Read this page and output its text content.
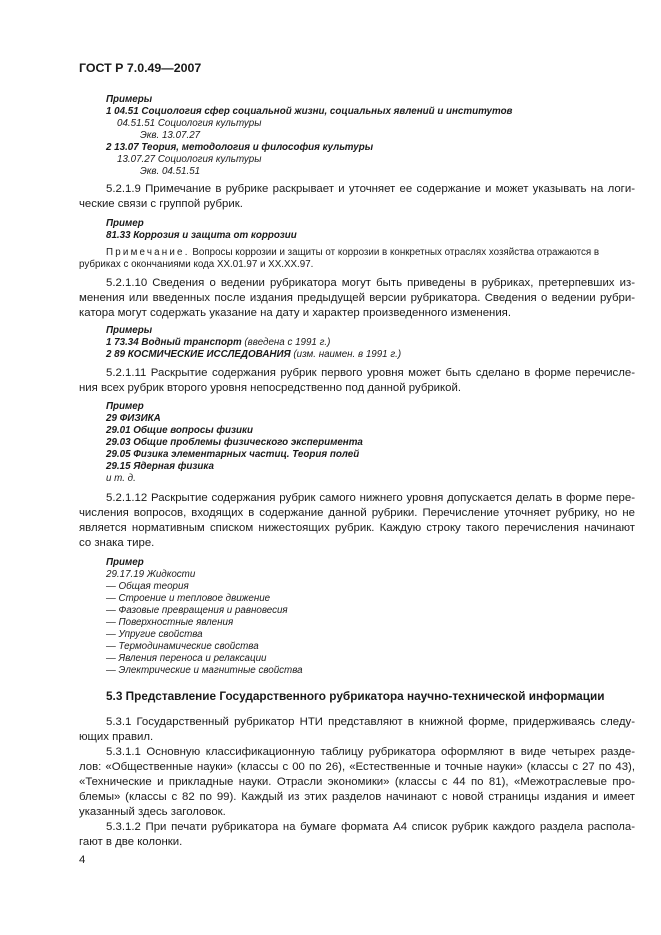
ГОСТ Р 7.0.49—2007
Примеры
1 04.51 Социология сфер социальной жизни, социальных явлений и институтов
04.51.51 Социология культуры
Экв. 13.07.27
2 13.07 Теория, методология и философия культуры
13.07.27 Социология культуры
Экв. 04.51.51
5.2.1.9 Примечание в рубрике раскрывает и уточняет ее содержание и может указывать на логи-
ческие связи с группой рубрик.
Пример
81.33 Коррозия и защита от коррозии
Примечание. Вопросы коррозии и защиты от коррозии в конкретных отраслях хозяйства отражаются в
рубриках с окончаниями кода XX.01.97 и XX.XX.97.
5.2.1.10 Сведения о ведении рубрикатора могут быть приведены в рубриках, претерпевших из-
менения или введенных после издания предыдущей версии рубрикатора. Сведения о ведении рубри-
катора могут содержать указание на дату и характер произведенного изменения.
Примеры
1 73.34 Водный транспорт (введена с 1991 г.)
2 89 КОСМИЧЕСКИЕ ИССЛЕДОВАНИЯ (изм. наимен. в 1991 г.)
5.2.1.11 Раскрытие содержания рубрик первого уровня может быть сделано в форме перечисле-
ния всех рубрик второго уровня непосредственно под данной рубрикой.
Пример
29 ФИЗИКА
29.01 Общие вопросы физики
29.03 Общие проблемы физического эксперимента
29.05 Физика элементарных частиц. Теория полей
29.15 Ядерная физика
и т. д.
5.2.1.12 Раскрытие содержания рубрик самого нижнего уровня допускается делать в форме пере-
числения вопросов, входящих в содержание данной рубрики. Перечисление уточняет рубрику, но не
является нормативным списком нижестоящих рубрик. Каждую строку такого перечисления начинают
со знака тире.
Пример
29.17.19 Жидкости
— Общая теория
— Строение и тепловое движение
— Фазовые превращения и равновесия
— Поверхностные явления
— Упругие свойства
— Термодинамические свойства
— Явления переноса и релаксации
— Электрические и магнитные свойства
5.3 Представление Государственного рубрикатора научно-технической информации
5.3.1 Государственный рубрикатор НТИ представляют в книжной форме, придерживаясь следу-
ющих правил.
5.3.1.1 Основную классификационную таблицу рубрикатора оформляют в виде четырех разде-
лов: «Общественные науки» (классы с 00 по 26), «Естественные и точные науки» (классы с 27 по 43),
«Технические и прикладные науки. Отрасли экономики» (классы с 44 по 81), «Межотраслевые про-
блемы» (классы с 82 по 99). Каждый из этих разделов начинают с новой страницы издания и имеет
указанный здесь заголовок.
5.3.1.2 При печати рубрикатора на бумаге формата А4 список рубрик каждого раздела распола-
гают в две колонки.
4
